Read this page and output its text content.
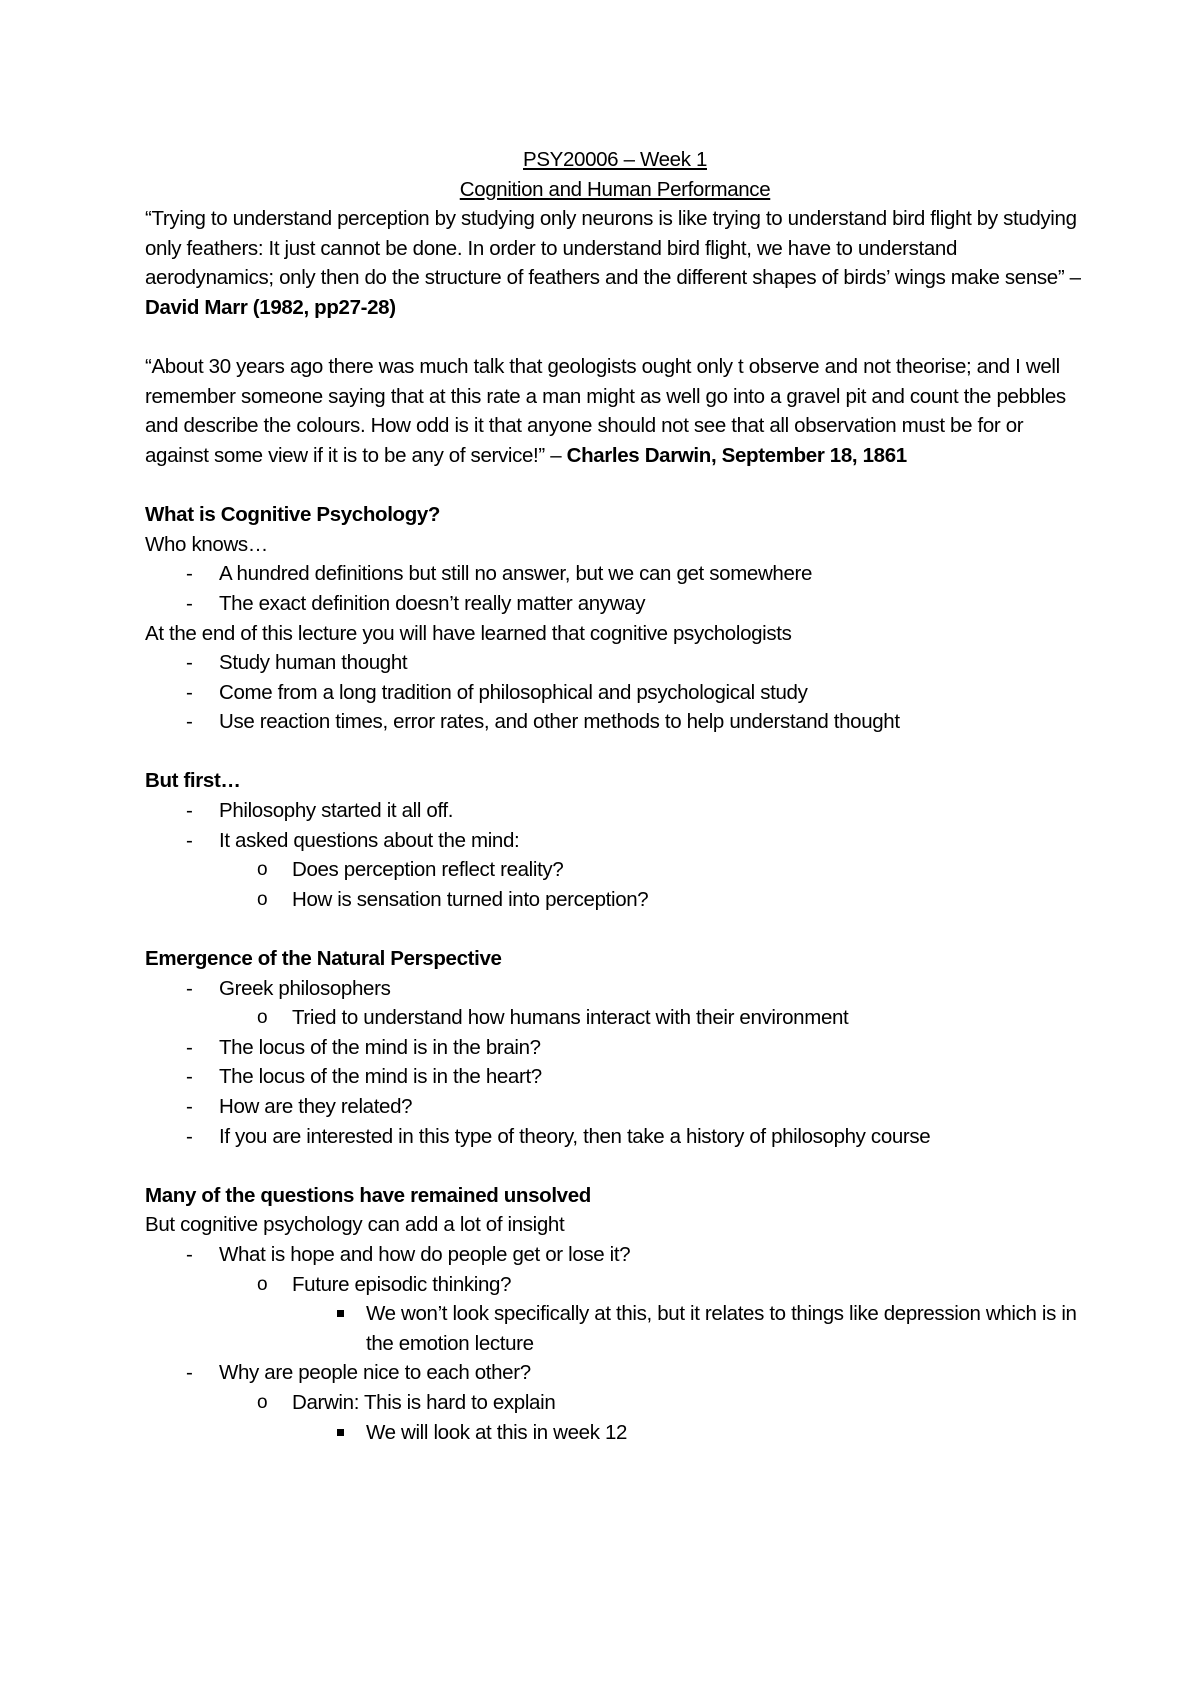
PSY20006 – Week 1
Cognition and Human Performance

“Trying to understand perception by studying only neurons is like trying to understand bird flight by studying only feathers: It just cannot be done. In order to understand bird flight, we have to understand aerodynamics; only then do the structure of feathers and the different shapes of birds’ wings make sense” – David Marr (1982, pp27-28)

“About 30 years ago there was much talk that geologists ought only t observe and not theorise; and I well remember someone saying that at this rate a man might as well go into a gravel pit and count the pebbles and describe the colours. How odd is it that anyone should not see that all observation must be for or against some view if it is to be any of service!” – Charles Darwin, September 18, 1861

What is Cognitive Psychology?
Who knows…
- A hundred definitions but still no answer, but we can get somewhere
- The exact definition doesn’t really matter anyway
At the end of this lecture you will have learned that cognitive psychologists
- Study human thought
- Come from a long tradition of philosophical and psychological study
- Use reaction times, error rates, and other methods to help understand thought
But first…
- Philosophy started it all off.
- It asked questions about the mind:
o Does perception reflect reality?
o How is sensation turned into perception?
Emergence of the Natural Perspective
- Greek philosophers
o Tried to understand how humans interact with their environment
- The locus of the mind is in the brain?
- The locus of the mind is in the heart?
- How are they related?
- If you are interested in this type of theory, then take a history of philosophy course
Many of the questions have remained unsolved
But cognitive psychology can add a lot of insight
- What is hope and how do people get or lose it?
o Future episodic thinking?
We won’t look specifically at this, but it relates to things like depression which is in the emotion lecture
- Why are people nice to each other?
o Darwin: This is hard to explain
We will look at this in week 12
